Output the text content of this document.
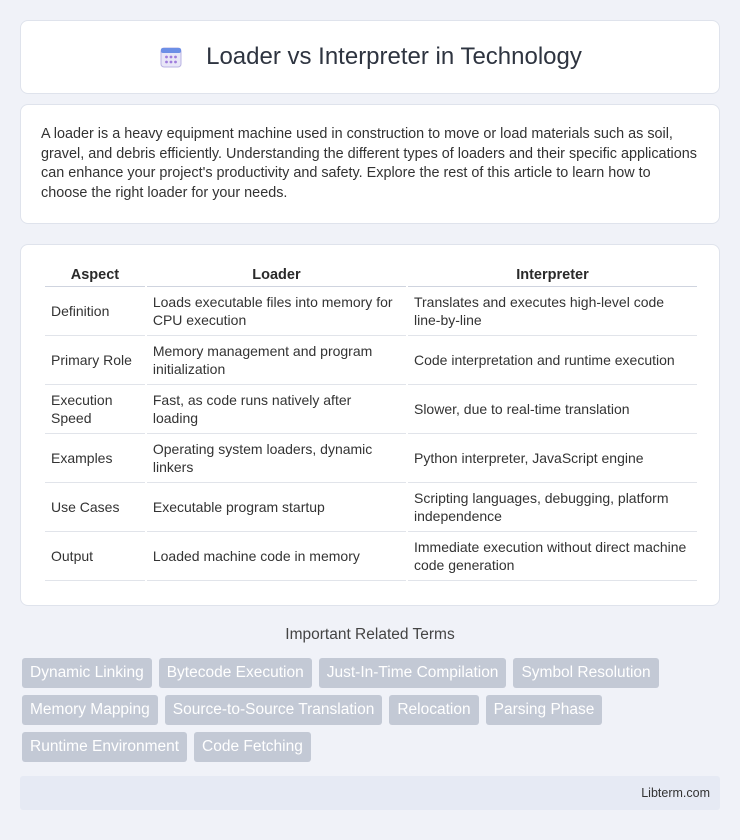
Loader vs Interpreter in Technology

A loader is a heavy equipment machine used in construction to move or load materials such as soil, gravel, and debris efficiently. Understanding the different types of loaders and their specific applications can enhance your project's productivity and safety. Explore the rest of this article to learn how to choose the right loader for your needs.

Aspect	Loader	Interpreter
Definition	Loads executable files into memory for CPU execution	Translates and executes high-level code line-by-line
Primary Role	Memory management and program initialization	Code interpretation and runtime execution
Execution Speed	Fast, as code runs natively after loading	Slower, due to real-time translation
Examples	Operating system loaders, dynamic linkers	Python interpreter, JavaScript engine
Use Cases	Executable program startup	Scripting languages, debugging, platform independence
Output	Loaded machine code in memory	Immediate execution without direct machine code generation
Important Related Terms
Dynamic Linking	Bytecode Execution	Just-In-Time Compilation	Symbol Resolution
Memory Mapping	Source-to-Source Translation	Relocation	Parsing Phase
Runtime Environment	Code Fetching
Libterm.com
